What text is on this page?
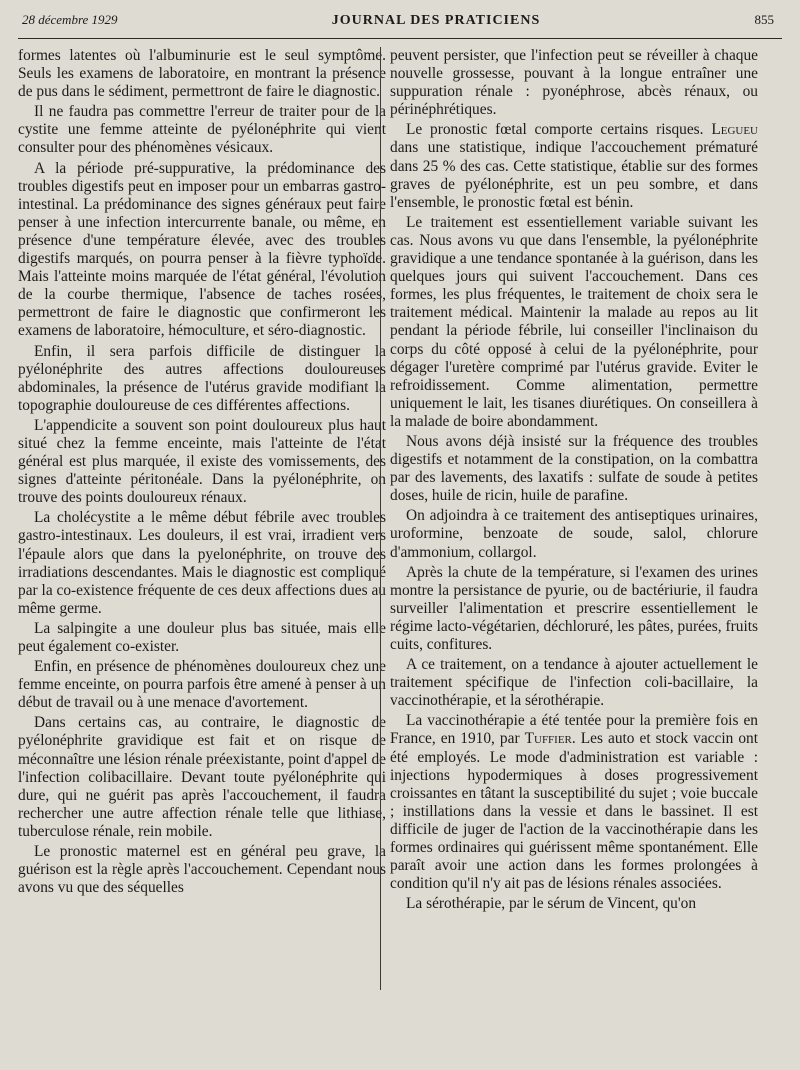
28 décembre 1929	JOURNAL DES PRATICIENS	855

formes latentes où l'albuminurie est le seul symptôme. Seuls les examens de laboratoire, en montrant la présence de pus dans le sédiment, permettront de faire le diagnostic.

Il ne faudra pas commettre l'erreur de traiter pour de la cystite une femme atteinte de pyélonéphrite qui vient consulter pour des phénomènes vésicaux.

A la période pré-suppurative, la prédominance des troubles digestifs peut en imposer pour un embarras gastro-intestinal. La prédominance des signes généraux peut faire penser à une infection intercurrente banale, ou même, en présence d'une température élevée, avec des troubles digestifs marqués, on pourra penser à la fièvre typhoïde. Mais l'atteinte moins marquée de l'état général, l'évolution de la courbe thermique, l'absence de taches rosées, permettront de faire le diagnostic que confirmeront les examens de laboratoire, hémoculture, et séro-diagnostic.

Enfin, il sera parfois difficile de distinguer la pyélonéphrite des autres affections douloureuses abdominales, la présence de l'utérus gravide modifiant la topographie douloureuse de ces différentes affections.

L'appendicite a souvent son point douloureux plus haut situé chez la femme enceinte, mais l'atteinte de l'état général est plus marquée, il existe des vomissements, des signes d'atteinte péritonéale. Dans la pyélonéphrite, on trouve des points douloureux rénaux.

La cholécystite a le même début fébrile avec troubles gastro-intestinaux. Les douleurs, il est vrai, irradient vers l'épaule alors que dans la pyelonéphrite, on trouve des irradiations descendantes. Mais le diagnostic est compliqué par la co-existence fréquente de ces deux affections dues au même germe.

La salpingite a une douleur plus bas située, mais elle peut également co-exister.

Enfin, en présence de phénomènes douloureux chez une femme enceinte, on pourra parfois être amené à penser à un début de travail ou à une menace d'avortement.

Dans certains cas, au contraire, le diagnostic de pyélonéphrite gravidique est fait et on risque de méconnaître une lésion rénale préexistante, point d'appel de l'infection colibacillaire. Devant toute pyélonéphrite qui dure, qui ne guérit pas après l'accouchement, il faudra rechercher une autre affection rénale telle que lithiase, tuberculose rénale, rein mobile.

Le pronostic maternel est en général peu grave, la guérison est la règle après l'accouchement. Cependant nous avons vu que des séquelles

peuvent persister, que l'infection peut se réveiller à chaque nouvelle grossesse, pouvant à la longue entraîner une suppuration rénale : pyonéphrose, abcès rénaux, ou périnéphrétiques.

Le pronostic fœtal comporte certains risques. Legueu dans une statistique, indique l'accouchement prématuré dans 25 % des cas. Cette statistique, établie sur des formes graves de pyélonéphrite, est un peu sombre, et dans l'ensemble, le pronostic fœtal est bénin.

Le traitement est essentiellement variable suivant les cas. Nous avons vu que dans l'ensemble, la pyélonéphrite gravidique a une tendance spontanée à la guérison, dans les quelques jours qui suivent l'accouchement. Dans ces formes, les plus fréquentes, le traitement de choix sera le traitement médical. Maintenir la malade au repos au lit pendant la période fébrile, lui conseiller l'inclinaison du corps du côté opposé à celui de la pyélonéphrite, pour dégager l'uretère comprimé par l'utérus gravide. Eviter le refroidissement. Comme alimentation, permettre uniquement le lait, les tisanes diurétiques. On conseillera à la malade de boire abondamment.

Nous avons déjà insisté sur la fréquence des troubles digestifs et notamment de la constipation, on la combattra par des lavements, des laxatifs : sulfate de soude à petites doses, huile de ricin, huile de parafine.

On adjoindra à ce traitement des antiseptiques urinaires, uroformine, benzoate de soude, salol, chlorure d'ammonium, collargol.

Après la chute de la température, si l'examen des urines montre la persistance de pyurie, ou de bactériurie, il faudra surveiller l'alimentation et prescrire essentiellement le régime lacto-végétarien, déchloruré, les pâtes, purées, fruits cuits, confitures.

A ce traitement, on a tendance à ajouter actuellement le traitement spécifique de l'infection coli-bacillaire, la vaccinothérapie, et la sérothérapie.

La vaccinothérapie a été tentée pour la première fois en France, en 1910, par Tuffier. Les auto et stock vaccin ont été employés. Le mode d'administration est variable : injections hypodermiques à doses progressivement croissantes en tâtant la susceptibilité du sujet ; voie buccale ; instillations dans la vessie et dans le bassinet. Il est difficile de juger de l'action de la vaccinothérapie dans les formes ordinaires qui guérissent même spontanément. Elle paraît avoir une action dans les formes prolongées à condition qu'il n'y ait pas de lésions rénales associées.

La sérothérapie, par le sérum de Vincent, qu'on
